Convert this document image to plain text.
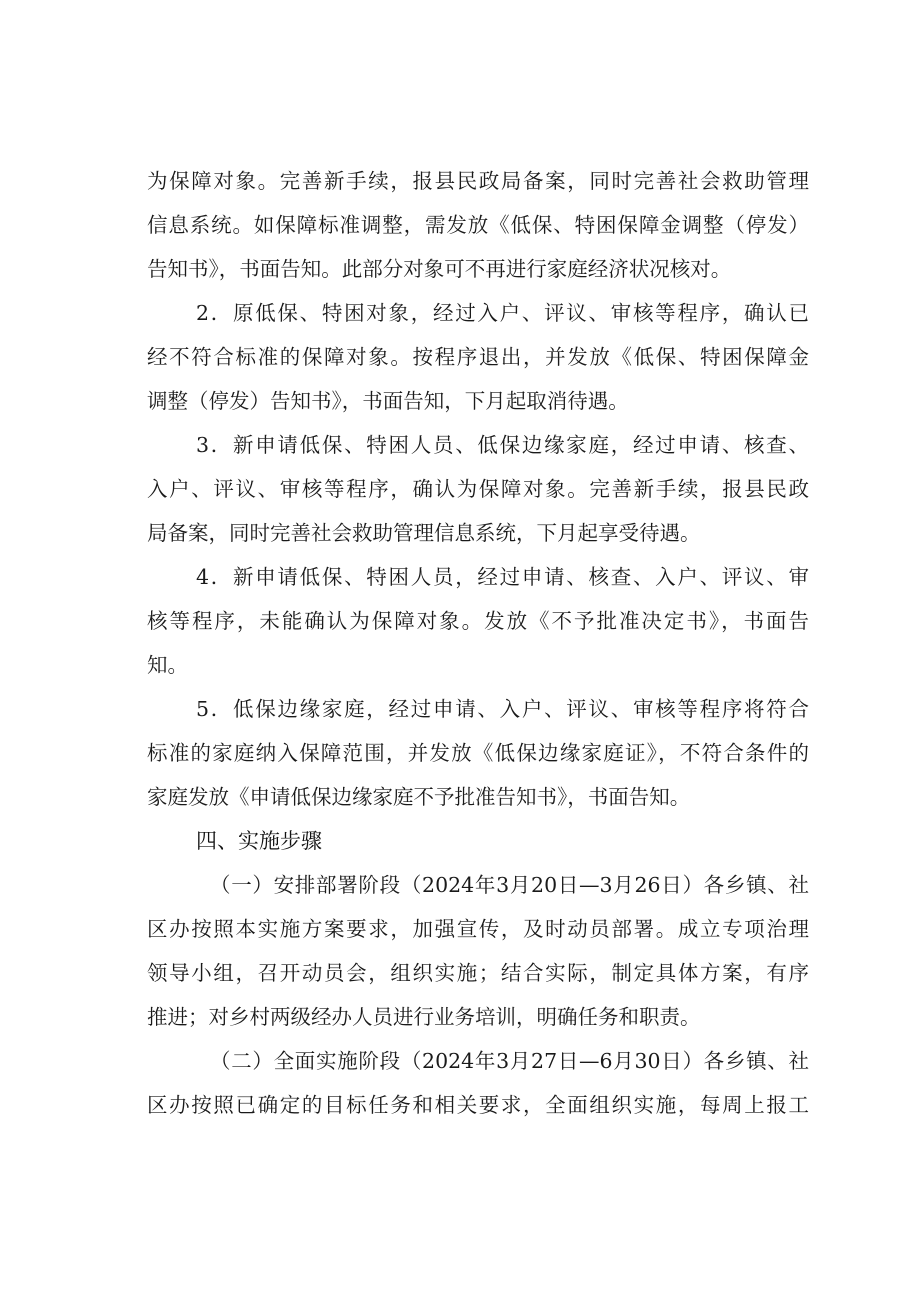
为保障对象。完善新手续，报县民政局备案，同时完善社会救助管理
信息系统。如保障标准调整，需发放《低保、特困保障金调整（停发）
告知书》，书面告知。此部分对象可不再进行家庭经济状况核对。
2．原低保、特困对象，经过入户、评议、审核等程序，确认已
经不符合标准的保障对象。按程序退出，并发放《低保、特困保障金
调整（停发）告知书》，书面告知，下月起取消待遇。
3．新申请低保、特困人员、低保边缘家庭，经过申请、核查、
入户、评议、审核等程序，确认为保障对象。完善新手续，报县民政
局备案，同时完善社会救助管理信息系统，下月起享受待遇。
4．新申请低保、特困人员，经过申请、核查、入户、评议、审
核等程序，未能确认为保障对象。发放《不予批准决定书》，书面告
知。
5．低保边缘家庭，经过申请、入户、评议、审核等程序将符合
标准的家庭纳入保障范围，并发放《低保边缘家庭证》，不符合条件的
家庭发放《申请低保边缘家庭不予批准告知书》，书面告知。
四、实施步骤
（一）安排部署阶段（2024年3月20日—3月26日）各乡镇、社
区办按照本实施方案要求，加强宣传，及时动员部署。成立专项治理
领导小组，召开动员会，组织实施；结合实际，制定具体方案，有序
推进；对乡村两级经办人员进行业务培训，明确任务和职责。
（二）全面实施阶段（2024年3月27日—6月30日）各乡镇、社
区办按照已确定的目标任务和相关要求，全面组织实施，每周上报工
